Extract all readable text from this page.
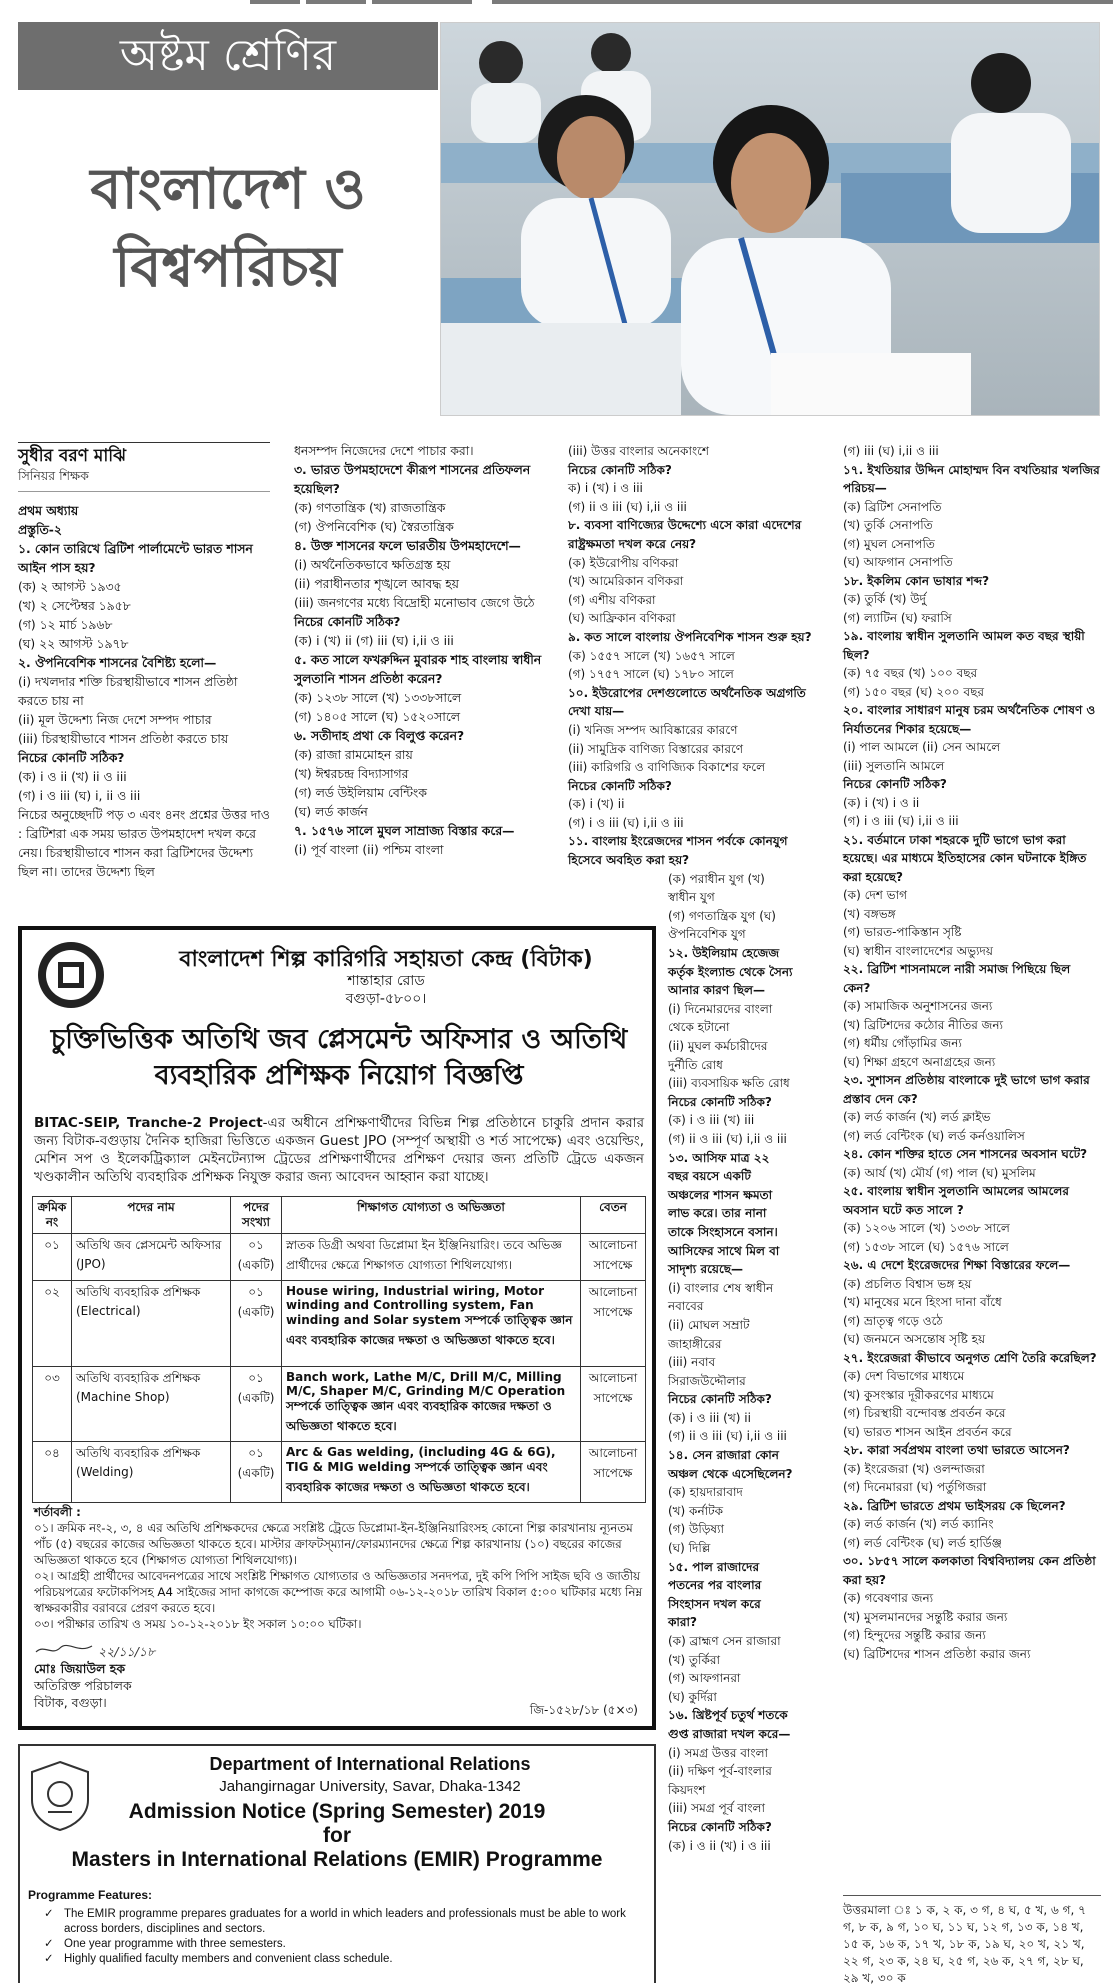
অষ্টম শ্রেণির
বাংলাদেশ ও
বিশ্বপরিচয়
সুধীর বরণ মাঝি
সিনিয়র শিক্ষক

প্রথম অধ্যায়

প্রস্তুতি-২

১. কোন তারিখে ব্রিটিশ পার্লামেন্টে ভারত শাসন আইন পাস হয়?

(ক) ২ আগস্ট ১৯৩৫

(খ) ২ সেপ্টেম্বর ১৯৫৮

(গ) ১২ মার্চ ১৯৬৮

(ঘ) ২২ আগস্ট ১৯৭৮

২. ঔপনিবেশিক শাসনের বৈশিষ্ট্য হলো—

(i) দখলদার শক্তি চিরস্থায়ীভাবে শাসন প্রতিষ্ঠা করতে চায় না

(ii) মূল উদ্দেশ্য নিজ দেশে সম্পদ পাচার

(iii) চিরস্থায়ীভাবে শাসন প্রতিষ্ঠা করতে চায়

নিচের কোনটি সঠিক?

(ক) i ও ii (খ) ii ও iii

(গ) i ও iii (ঘ) i, ii ও iii

নিচের অনুচ্ছেদটি পড় ৩ এবং ৪নং প্রশ্নের উত্তর দাও : ব্রিটিশরা এক সময় ভারত উপমহাদেশ দখল করে নেয়। চিরস্থায়ীভাবে শাসন করা ব্রিটিশদের উদ্দেশ্য ছিল না। তাদের উদ্দেশ্য ছিল

ধনসম্পদ নিজেদের দেশে পাচার করা।

৩. ভারত উপমহাদেশে কীরূপ শাসনের প্রতিফলন হয়েছিল?

(ক) গণতান্ত্রিক (খ) রাজতান্ত্রিক

(গ) ঔপনিবেশিক (ঘ) স্বৈরতান্ত্রিক

৪. উক্ত শাসনের ফলে ভারতীয় উপমহাদেশে—

(i) অর্থনৈতিকভাবে ক্ষতিগ্রস্ত হয়

(ii) পরাধীনতার শৃঙ্খলে আবদ্ধ হয়

(iii) জনগণের মধ্যে বিদ্রোহী মনোভাব জেগে উঠে

নিচের কোনটি সঠিক?

(ক) i (খ) ii (গ) iii (ঘ) i,ii ও iii

৫. কত সালে ফখরুদ্দিন মুবারক শাহ বাংলায় স্বাধীন সুলতানি শাসন প্রতিষ্ঠা করেন?

(ক) ১২৩৮ সালে (খ) ১৩৩৮সালে

(গ) ১৪০৫ সালে (ঘ) ১৫২০সালে

৬. সতীদাহ প্রথা কে বিলুপ্ত করেন?

(ক) রাজা রামমোহন রায়

(খ) ঈশ্বরচন্দ্র বিদ্যাসাগর

(গ) লর্ড উইলিয়াম বেন্টিংক

(ঘ) লর্ড কার্জন

৭. ১৫৭৬ সালে মুঘল সাম্রাজ্য বিস্তার করে—

(i) পূর্ব বাংলা (ii) পশ্চিম বাংলা

(iii) উত্তর বাংলার অনেকাংশে

নিচের কোনটি সঠিক?

ক) i (খ) i ও iii

(গ) ii ও iii (ঘ) i,ii ও iii

৮. ব্যবসা বাণিজ্যের উদ্দেশ্যে এসে কারা এদেশের রাষ্ট্রক্ষমতা দখল করে নেয়?

(ক) ইউরোপীয় বণিকরা

(খ) আমেরিকান বণিকরা

(গ) এশীয় বণিকরা

(ঘ) আফ্রিকান বণিকরা

৯. কত সালে বাংলায় ঔপনিবেশিক শাসন শুরু হয়?

(ক) ১৫৫৭ সালে (খ) ১৬৫৭ সালে

(গ) ১৭৫৭ সালে (ঘ) ১৭৮০ সালে

১০. ইউরোপের দেশগুলোতে অর্থনৈতিক অগ্রগতি দেখা যায়—

(i) খনিজ সম্পদ আবিষ্কারের কারণে

(ii) সামুদ্রিক বাণিজ্য বিস্তারের কারণে

(iii) কারিগরি ও বাণিজ্যিক বিকাশের ফলে

নিচের কোনটি সঠিক?

(ক) i (খ) ii

(গ) i ও iii (ঘ) i,ii ও iii

১১. বাংলায় ইংরেজদের শাসন পর্বকে কোনযুগ হিসেবে অবহিত করা হয়?

(ক) পরাধীন যুগ (খ) স্বাধীন যুগ

(গ) গণতান্ত্রিক যুগ (ঘ) ঔপনিবেশিক যুগ

১২. উইলিয়াম হেজেজ কর্তৃক ইংল্যান্ড থেকে সৈন্য আনার কারণ ছিল—

(i) দিনেমারদের বাংলা থেকে হটানো

(ii) মুঘল কর্মচারীদের দুর্নীতি রোধ

(iii) ব্যবসায়িক ক্ষতি রোধ

নিচের কোনটি সঠিক?

(ক) i ও iii (খ) iii

(গ) ii ও iii (ঘ) i,ii ও iii

১৩. আসিফ মাত্র ২২ বছর বয়সে একটি অঞ্চলের শাসন ক্ষমতা লাভ করে। তার নানা তাকে সিংহাসনে বসান। আসিফের সাথে মিল বা সাদৃশ্য রয়েছে—

(i) বাংলার শেষ স্বাধীন নবাবের

(ii) মোঘল সম্রাট জাহাঙ্গীরের

(iii) নবাব সিরাজউদ্দৌলার

নিচের কোনটি সঠিক?

(ক) i ও iii (খ) ii

(গ) ii ও iii (ঘ) i,ii ও iii

১৪. সেন রাজারা কোন অঞ্চল থেকে এসেছিলেন?

(ক) হায়দারাবাদ

(খ) কর্নাটক

(গ) উড়িষ্যা

(ঘ) দিল্লি

১৫. পাল রাজাদের পতনের পর বাংলার সিংহাসন দখল করে কারা?

(ক) ব্রাহ্মণ সেন রাজারা

(খ) তুর্কিরা

(গ) আফগানরা

(ঘ) কুর্দিরা

১৬. খ্রিষ্টপূর্ব চতুর্থ শতকে গুপ্ত রাজারা দখল করে—

(i) সমগ্র উত্তর বাংলা

(ii) দক্ষিণ পূর্ব-বাংলার কিয়দংশ

(iii) সমগ্র পূর্ব বাংলা

নিচের কোনটি সঠিক?

(ক) i ও ii (খ) i ও iii

(গ) iii (ঘ) i,ii ও iii

১৭. ইখতিয়ার উদ্দিন মোহাম্মদ বিন বখতিয়ার খলজির পরিচয়—

(ক) ব্রিটিশ সেনাপতি

(খ) তুর্কি সেনাপতি

(গ) মুঘল সেনাপতি

(ঘ) আফগান সেনাপতি

১৮. ইকলিম কোন ভাষার শব্দ?

(ক) তুর্কি (খ) উর্দু

(গ) ল্যাটিন (ঘ) ফরাসি

১৯. বাংলায় স্বাধীন সুলতানি আমল কত বছর স্থায়ী ছিল?

(ক) ৭৫ বছর (খ) ১০০ বছর

(গ) ১৫০ বছর (ঘ) ২০০ বছর

২০. বাংলার সাধারণ মানুষ চরম অর্থনৈতিক শোষণ ও নির্যাতনের শিকার হয়েছে—

(i) পাল আমলে (ii) সেন আমলে

(iii) সুলতানি আমলে

নিচের কোনটি সঠিক?

(ক) i (খ) i ও ii

(গ) i ও iii (ঘ) i,ii ও iii

২১. বর্তমানে ঢাকা শহরকে দুটি ভাগে ভাগ করা হয়েছে। এর মাধ্যমে ইতিহাসের কোন ঘটনাকে ইঙ্গিত করা হয়েছে?

(ক) দেশ ভাগ

(খ) বঙ্গভঙ্গ

(গ) ভারত-পাকিস্তান সৃষ্টি

(ঘ) স্বাধীন বাংলাদেশের অভ্যুদয়

২২. ব্রিটিশ শাসনামলে নারী সমাজ পিছিয়ে ছিল কেন?

(ক) সামাজিক অনুশাসনের জন্য

(খ) ব্রিটিশদের কঠোর নীতির জন্য

(গ) ধর্মীয় গোঁড়ামির জন্য

(ঘ) শিক্ষা গ্রহণে অনাগ্রহের জন্য

২৩. সুশাসন প্রতিষ্ঠায় বাংলাকে দুই ভাগে ভাগ করার প্রস্তাব দেন কে?

(ক) লর্ড কার্জন (খ) লর্ড ক্লাইভ

(গ) লর্ড বেন্টিংক (ঘ) লর্ড কর্নওয়ালিস

২৪. কোন শক্তির হাতে সেন শাসনের অবসান ঘটে?

(ক) আর্য (খ) মৌর্য (গ) পাল (ঘ) মুসলিম

২৫. বাংলায় স্বাধীন সুলতানি আমলের আমলের অবসান ঘটে কত সালে ?

(ক) ১২০৬ সালে (খ) ১৩৩৮ সালে

(গ) ১৫৩৮ সালে (ঘ) ১৫৭৬ সালে

২৬. এ দেশে ইংরেজদের শিক্ষা বিস্তারের ফলে—

(ক) প্রচলিত বিশ্বাস ভঙ্গ হয়

(খ) মানুষের মনে হিংসা দানা বাঁধে

(গ) ভ্রাতৃত্ব গড়ে ওঠে

(ঘ) জনমনে অসন্তোষ সৃষ্টি হয়

২৭. ইংরেজরা কীভাবে অনুগত শ্রেণি তৈরি করেছিল?

(ক) দেশ বিভাগের মাধ্যমে

(খ) কুসংস্কার দূরীকরণের মাধ্যমে

(গ) চিরস্থায়ী বন্দোবস্ত প্রবর্তন করে

(ঘ) ভারত শাসন আইন প্রবর্তন করে

২৮. কারা সর্বপ্রথম বাংলা তথা ভারতে আসেন?

(ক) ইংরেজরা (খ) ওলন্দাজরা

(গ) দিনেমাররা (ঘ) পর্তুগিজরা

২৯. ব্রিটিশ ভারতে প্রথম ভাইসরয় কে ছিলেন?

(ক) লর্ড কার্জন (খ) লর্ড ক্যানিং

(গ) লর্ড বেন্টিংক (ঘ) লর্ড হার্ডিঞ্জ

৩০. ১৮৫৭ সালে কলকাতা বিশ্ববিদ্যালয় কেন প্রতিষ্ঠা করা হয়?

(ক) গবেষণার জন্য

(খ) মুসলমানদের সন্তুষ্টি করার জন্য

(গ) হিন্দুদের সন্তুষ্টি করার জন্য

(ঘ) ব্রিটিশদের শাসন প্রতিষ্ঠা করার জন্য

উত্তরমালা ঃ ১ ক, ২ ক, ৩ গ, ৪ ঘ, ৫ খ, ৬ গ, ৭ গ, ৮ ক, ৯ গ, ১০ ঘ, ১১ ঘ, ১২ গ, ১৩ ক, ১৪ খ, ১৫ ক, ১৬ ক, ১৭ খ, ১৮ ক, ১৯ ঘ, ২০ খ, ২১ খ, ২২ গ, ২৩ ক, ২৪ ঘ, ২৫ গ, ২৬ ক, ২৭ গ, ২৮ ঘ, ২৯ খ, ৩০ ক
বাংলাদেশ শিল্প কারিগরি সহায়তা কেন্দ্র (বিটাক)
শান্তাহার রোড
বগুড়া-৫৮০০।
চুক্তিভিত্তিক অতিথি জব প্লেসমেন্ট অফিসার ও অতিথি
ব্যবহারিক প্রশিক্ষক নিয়োগ বিজ্ঞপ্তি
BITAC-SEIP, Tranche-2 Project-এর অধীনে প্রশিক্ষণার্থীদের বিভিন্ন শিল্প প্রতিষ্ঠানে চাকুরি প্রদান করার জন্য বিটাক-বগুড়ায় দৈনিক হাজিরা ভিত্তিতে একজন Guest JPO (সম্পূর্ণ অস্থায়ী ও শর্ত সাপেক্ষে) এবং ওয়েল্ডিং, মেশিন সপ ও ইলেকট্রিক্যাল মেইনটেন্যান্স ট্রেডের প্রশিক্ষণার্থীদের প্রশিক্ষণ দেয়ার জন্য প্রতিটি ট্রেডে একজন খণ্ডকালীন অতিথি ব্যবহারিক প্রশিক্ষক নিযুক্ত করার জন্য আবেদন আহ্বান করা যাচ্ছে।
ক্রমিক নং	পদের নাম	পদের সংখ্যা	শিক্ষাগত যোগ্যতা ও অভিজ্ঞতা	বেতন
০১	অতিথি জব প্লেসমেন্ট অফিসার (JPO)	০১ (একটি)	স্নাতক ডিগ্রী অথবা ডিপ্লোমা ইন ইঞ্জিনিয়ারিং। তবে অভিজ্ঞ প্রার্থীদের ক্ষেত্রে শিক্ষাগত যোগ্যতা শিথিলযোগ্য।	আলোচনা সাপেক্ষে
০২	অতিথি ব্যবহারিক প্রশিক্ষক (Electrical)	০১ (একটি)	House wiring, Industrial wiring, Motor winding and Controlling system, Fan winding and Solar system সম্পর্কে তাত্ত্বিক জ্ঞান এবং ব্যবহারিক কাজের দক্ষতা ও অভিজ্ঞতা থাকতে হবে।	আলোচনা সাপেক্ষে
০৩	অতিথি ব্যবহারিক প্রশিক্ষক (Machine Shop)	০১ (একটি)	Banch work, Lathe M/C, Drill M/C, Milling M/C, Shaper M/C, Grinding M/C Operation সম্পর্কে তাত্ত্বিক জ্ঞান এবং ব্যবহারিক কাজের দক্ষতা ও অভিজ্ঞতা থাকতে হবে।	আলোচনা সাপেক্ষে
০৪	অতিথি ব্যবহারিক প্রশিক্ষক (Welding)	০১ (একটি)	Arc & Gas welding, (including 4G & 6G), TIG & MIG welding সম্পর্কে তাত্ত্বিক জ্ঞান এবং ব্যবহারিক কাজের দক্ষতা ও অভিজ্ঞতা থাকতে হবে।	আলোচনা সাপেক্ষে
শর্তাবলী :
০১। ক্রমিক নং-২, ৩, ৪ এর অতিথি প্রশিক্ষকদের ক্ষেত্রে সংশ্লিষ্ট ট্রেডে ডিপ্লোমা-ইন-ইঞ্জিনিয়ারিংসহ কোনো শিল্প কারখানায় ন্যূনতম পাঁচ (৫) বছরের কাজের অভিজ্ঞতা থাকতে হবে। মাস্টার ক্রাফটস্‌ম্যান/ফোরম্যানদের ক্ষেত্রে শিল্প কারখানায় (১০) বছরের কাজের অভিজ্ঞতা থাকতে হবে (শিক্ষাগত যোগ্যতা শিথিলযোগ্য)।
০২। আগ্রহী প্রার্থীদের আবেদনপত্রের সাথে সংশ্লিষ্ট শিক্ষাগত যোগ্যতার ও অভিজ্ঞতার সনদপত্র, দুই কপি পিপি সাইজ ছবি ও জাতীয় পরিচয়পত্রের ফটোকপিসহ A4 সাইজের সাদা কাগজে কম্পোজ করে আগামী ০৬-১২-২০১৮ তারিখ বিকাল ৫:০০ ঘটিকার মধ্যে নিম্ন স্বাক্ষরকারীর বরাবরে প্রেরণ করতে হবে।
০৩। পরীক্ষার তারিখ ও সময় ১০-১২-২০১৮ ইং সকাল ১০:০০ ঘটিকা।
২২/১১/১৮
মোঃ জিয়াউল হক
অতিরিক্ত পরিচালক
বিটাক, বগুড়া।	জি-১৫২৮/১৮ (৫×৩)
Department of International Relations
Jahangirnagar University, Savar, Dhaka-1342
Admission Notice (Spring Semester) 2019
for
Masters in International Relations (EMIR) Programme
Programme Features:
✓ The EMIR programme prepares graduates for a world in which leaders and professionals must be able to work across borders, disciplines and sectors.
✓ One year programme with three semesters.
✓ Highly qualified faculty members and convenient class schedule.
